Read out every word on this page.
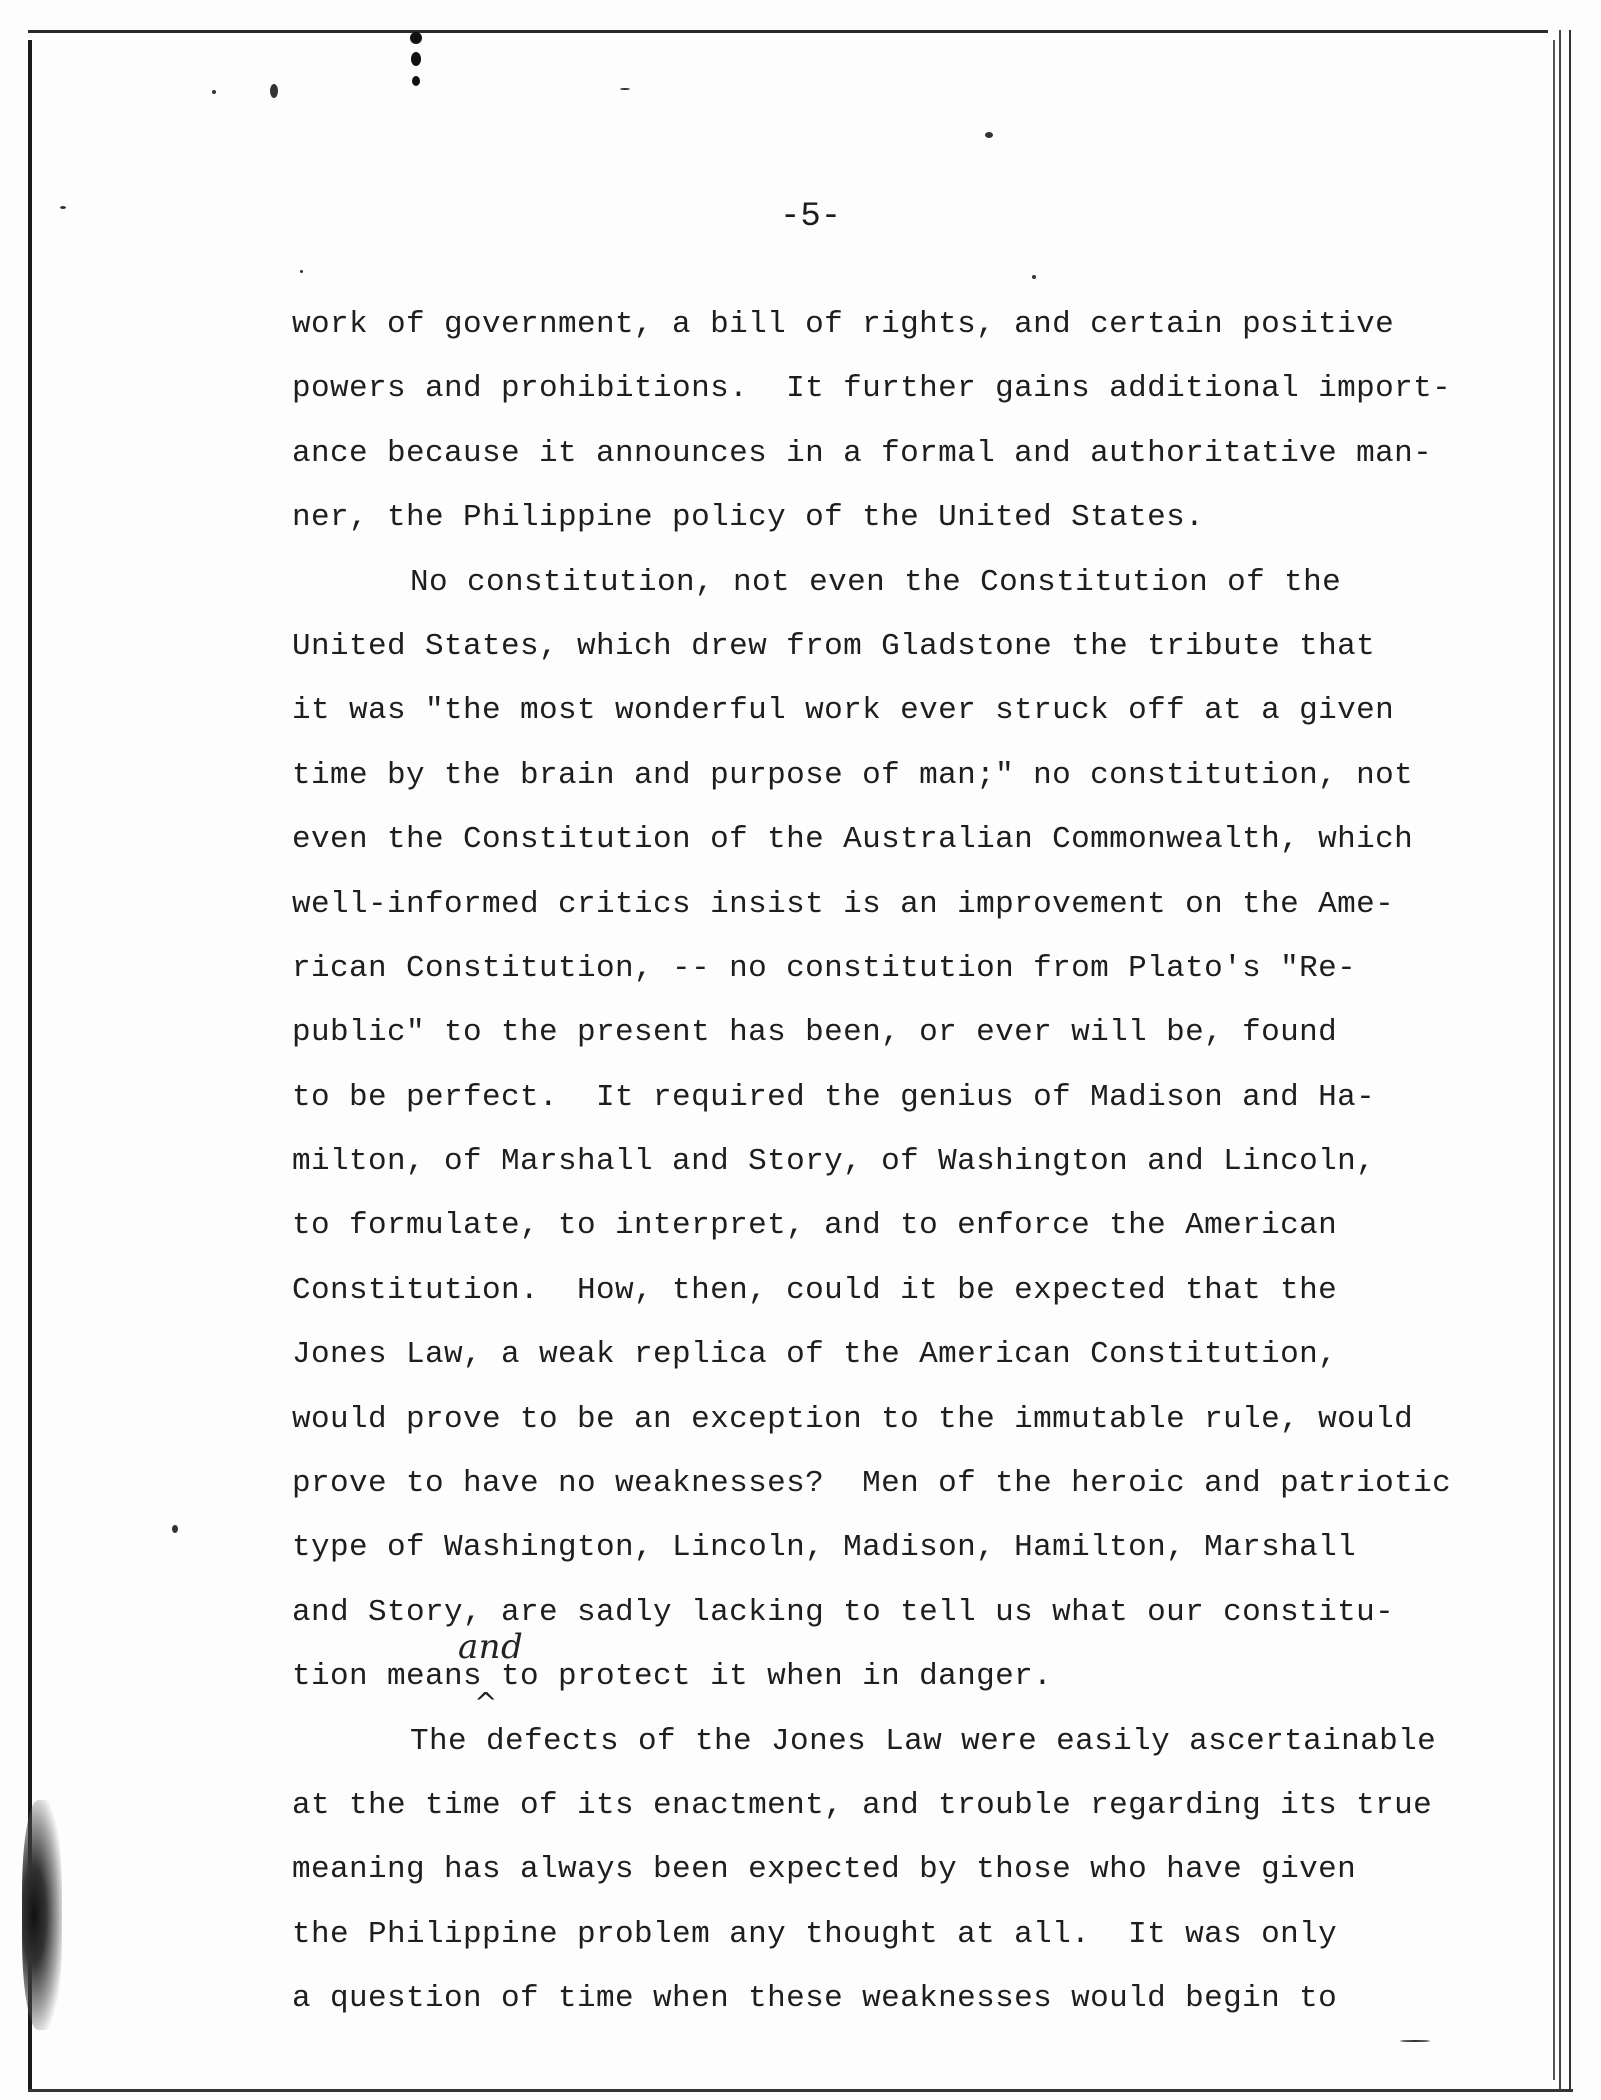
-5-
work of government, a bill of rights, and certain positive
powers and prohibitions.  It further gains additional import-
ance because it announces in a formal and authoritative man-
ner, the Philippine policy of the United States.
No constitution, not even the Constitution of the
United States, which drew from Gladstone the tribute that
it was "the most wonderful work ever struck off at a given
time by the brain and purpose of man;" no constitution, not
even the Constitution of the Australian Commonwealth, which
well-informed critics insist is an improvement on the Ame-
rican Constitution, -- no constitution from Plato's "Re-
public" to the present has been, or ever will be, found
to be perfect.  It required the genius of Madison and Ha-
milton, of Marshall and Story, of Washington and Lincoln,
to formulate, to interpret, and to enforce the American
Constitution.  How, then, could it be expected that the
Jones Law, a weak replica of the American Constitution,
would prove to be an exception to the immutable rule, would
prove to have no weaknesses?  Men of the heroic and patriotic
type of Washington, Lincoln, Madison, Hamilton, Marshall
and Story, are sadly lacking to tell us what our constitu-
tion means to protect it when in danger.
and
^
The defects of the Jones Law were easily ascertainable
at the time of its enactment, and trouble regarding its true
meaning has always been expected by those who have given
the Philippine problem any thought at all.  It was only
a question of time when these weaknesses would begin to
